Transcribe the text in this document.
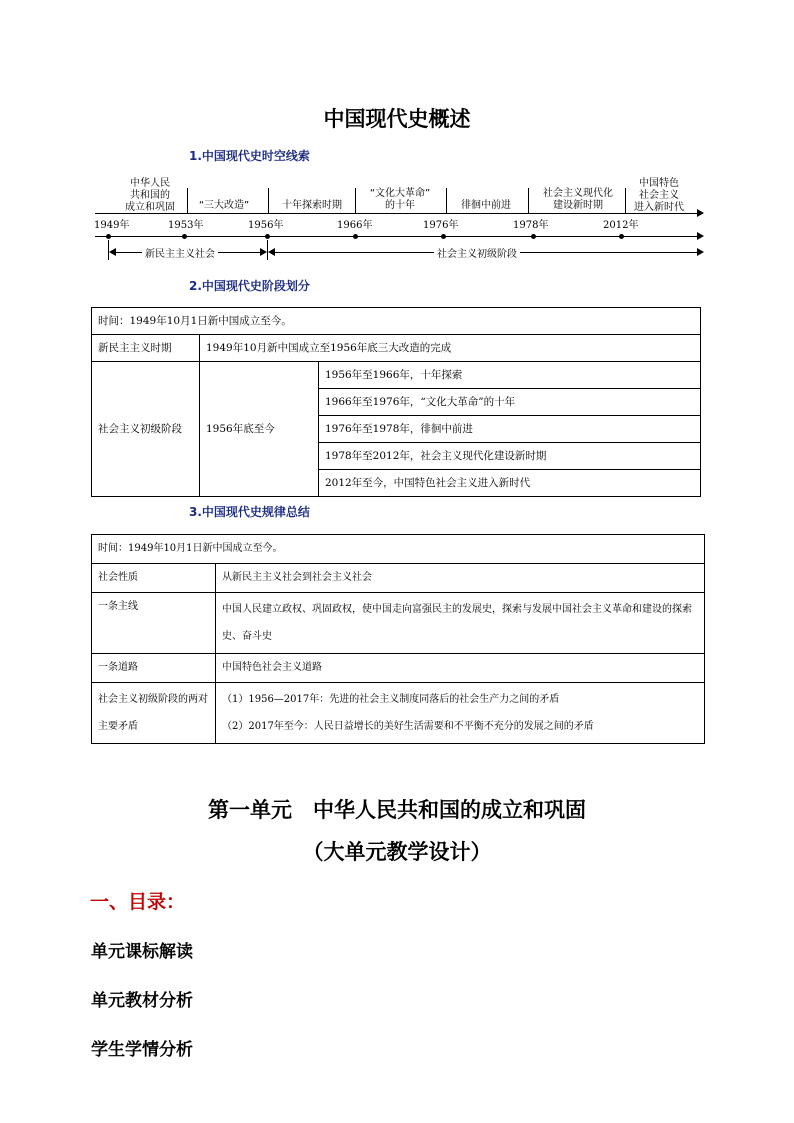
中国现代史概述
1.中国现代史时空线索
中华人民
共和国的
成立和巩固	“三大改造”	十年探索时期
“文化大革命”
的十年	徘徊中前进
社会主义现代化
建设新时期
中国特色
社会主义
进入新时代
1949年	1953年	1956年	1966年	1976年	1978年	2012年
新民主主义社会	社会主义初级阶段
2.中国现代史阶段划分
时间：1949年10月1日新中国成立至今。		
新民主主义时期	1949年10月新中国成立至1956年底三大改造的完成	
社会主义初级阶段	1956年底至今	1956年至1966年，十年探索
		1966年至1976年，“文化大革命”的十年
		1976年至1978年，徘徊中前进
		1978年至2012年，社会主义现代化建设新时期
		2012年至今，中国特色社会主义进入新时代
3.中国现代史规律总结
时间：1949年10月1日新中国成立至今。	
社会性质	从新民主主义社会到社会主义社会
一条主线	中国人民建立政权、巩固政权，使中国走向富强民主的发展史，探索与发展中国社会主义革命和建设的探索史、奋斗史
一条道路	中国特色社会主义道路
社会主义初级阶段的两对主要矛盾	（1）1956—2017年：先进的社会主义制度同落后的社会生产力之间的矛盾
（2）2017年至今：人民日益增长的美好生活需要和不平衡不充分的发展之间的矛盾
第一单元　中华人民共和国的成立和巩固
（大单元教学设计）
一、目录：
单元课标解读
单元教材分析
学生学情分析
